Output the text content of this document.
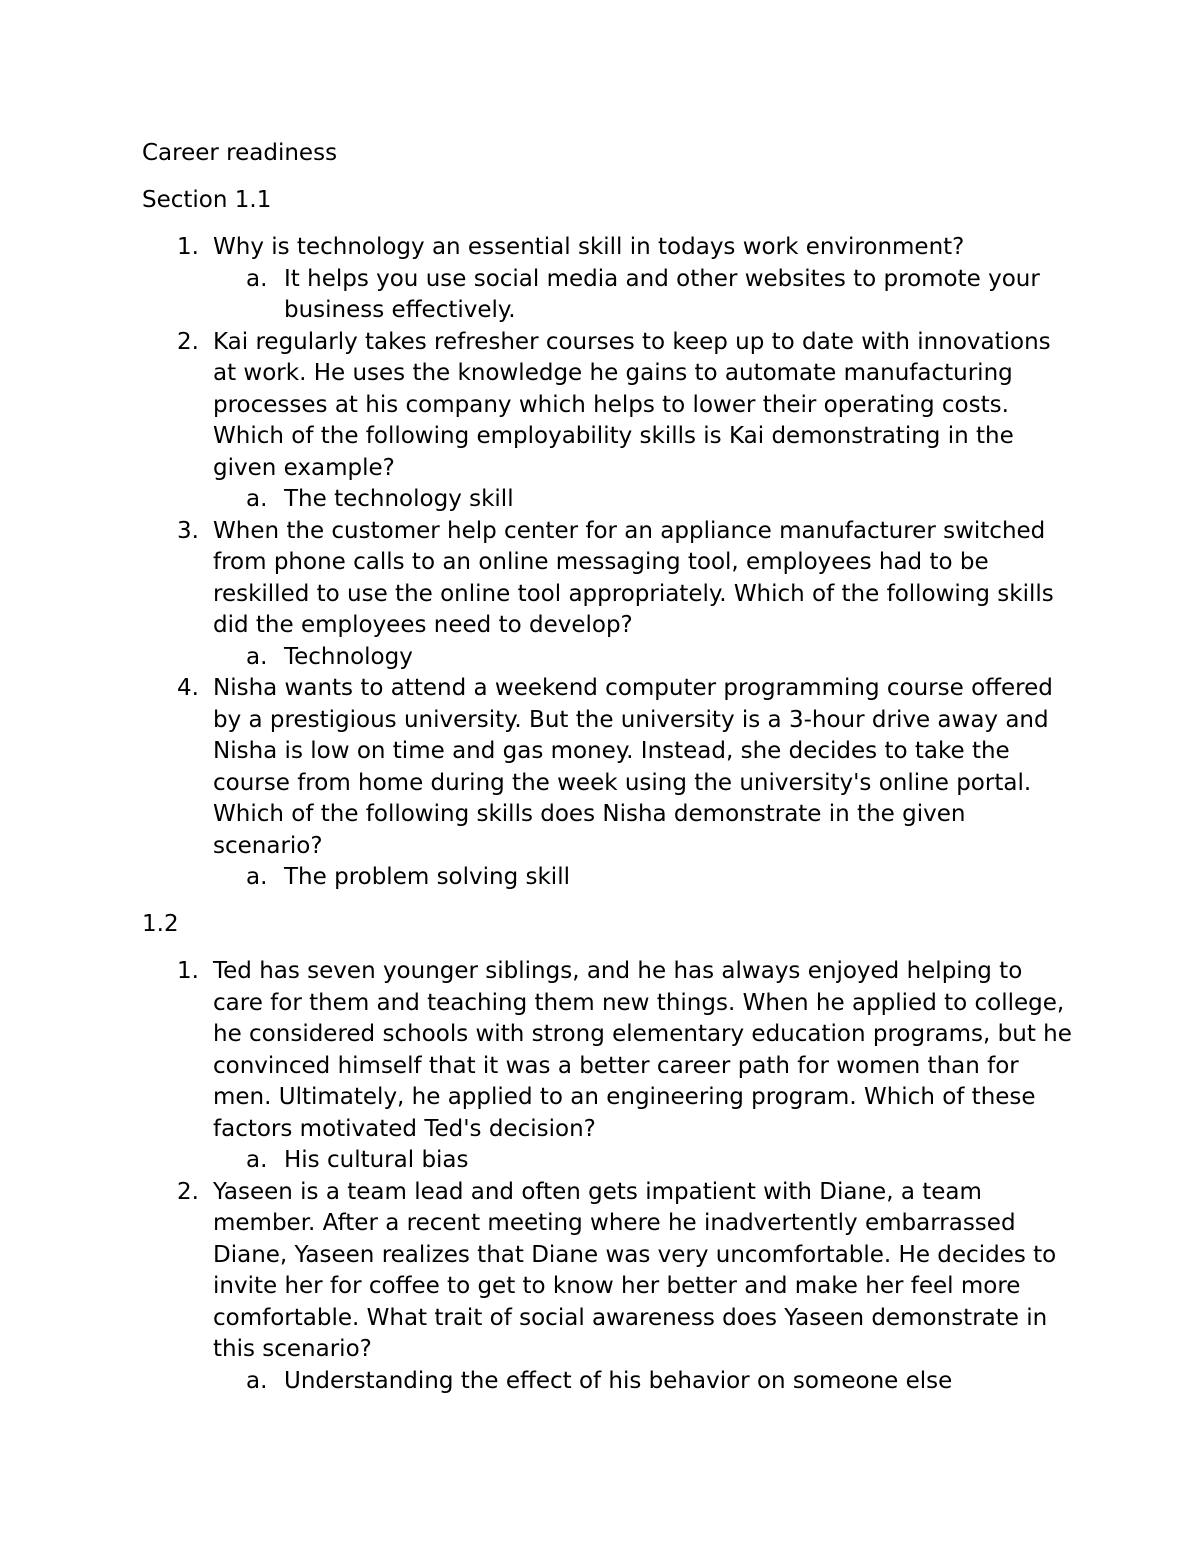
Career readiness

Section 1.1

1. Why is technology an essential skill in todays work environment?
a. It helps you use social media and other websites to promote your business effectively.
2. Kai regularly takes refresher courses to keep up to date with innovations at work. He uses the knowledge he gains to automate manufacturing processes at his company which helps to lower their operating costs. Which of the following employability skills is Kai demonstrating in the given example?
a. The technology skill
3. When the customer help center for an appliance manufacturer switched from phone calls to an online messaging tool, employees had to be reskilled to use the online tool appropriately. Which of the following skills did the employees need to develop?
a. Technology
4. Nisha wants to attend a weekend computer programming course offered by a prestigious university. But the university is a 3-hour drive away and Nisha is low on time and gas money. Instead, she decides to take the course from home during the week using the university's online portal. Which of the following skills does Nisha demonstrate in the given scenario?
a. The problem solving skill

1.2

1. Ted has seven younger siblings, and he has always enjoyed helping to care for them and teaching them new things. When he applied to college, he considered schools with strong elementary education programs, but he convinced himself that it was a better career path for women than for men. Ultimately, he applied to an engineering program. Which of these factors motivated Ted's decision?
a. His cultural bias
2. Yaseen is a team lead and often gets impatient with Diane, a team member. After a recent meeting where he inadvertently embarrassed Diane, Yaseen realizes that Diane was very uncomfortable. He decides to invite her for coffee to get to know her better and make her feel more comfortable. What trait of social awareness does Yaseen demonstrate in this scenario?
a. Understanding the effect of his behavior on someone else
